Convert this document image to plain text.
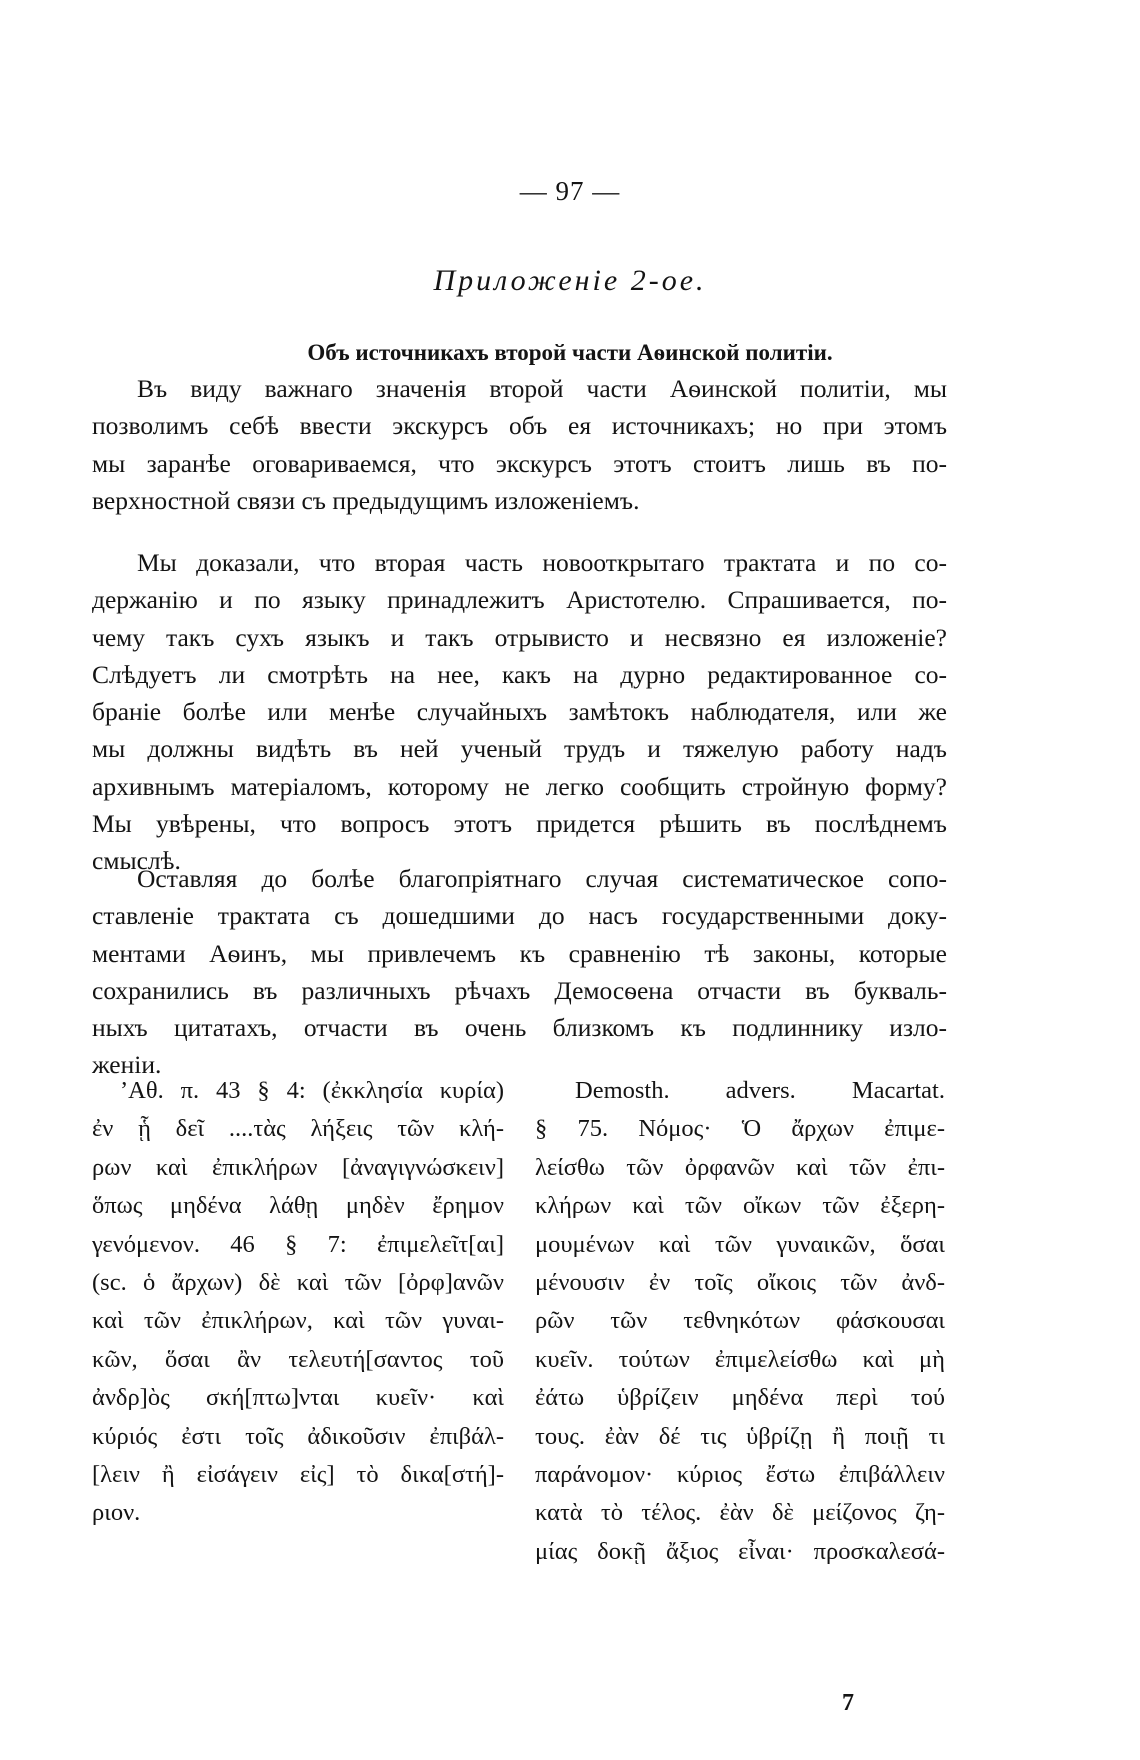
— 97 —
Приложенiе 2-ое.
Объ источникахъ второй части Аѳинской политiи.
Въ виду важнаго значенiя второй части Аѳинской политiи, мы
позволимъ себѣ ввести экскурсъ объ ея источникахъ; но при этомъ
мы заранѣе оговариваемся, что экскурсъ этотъ стоитъ лишь въ по-
верхностной связи съ предыдущимъ изложенiемъ.
Мы доказали, что вторая часть новооткрытаго трактата и по со-
держанiю и по языку принадлежитъ Аристотелю. Спрашивается, по-
чему такъ сухъ языкъ и такъ отрывисто и несвязно ея изложенiе?
Слѣдуетъ ли смотрѣть на нее, какъ на дурно редактированное со-
бранiе болѣе или менѣе случайныхъ замѣтокъ наблюдателя, или же
мы должны видѣть въ ней ученый трудъ и тяжелую работу надъ
архивнымъ матерiаломъ, которому не легко сообщить стройную форму?
Мы увѣрены, что вопросъ этотъ придется рѣшить въ послѣднемъ
смыслѣ.
Оставляя до болѣе благопрiятнаго случая систематическое сопо-
ставленiе трактата съ дошедшими до насъ государственными доку-
ментами Аѳинъ, мы привлечемъ къ сравненiю тѣ законы, которые
сохранились въ различныхъ рѣчахъ Демосѳена отчасти въ букваль-
ныхъ цитатахъ, отчасти въ очень близкомъ къ подлиннику изло-
женiи.
’Αθ. π. 43 § 4: (ἐκκλησία κυρία)
ἐν ᾗ δεῖ ....τὰς λήξεις τῶν κλή-
ρων καὶ ἐπικλήρων [ἀναγιγνώσκειν]
ὅπως μηδένα λάθῃ μηδὲν ἔρημον
γενόμενον. 46 § 7: ἐπιμελεῖτ[αι]
(sc. ὁ ἄρχων) δὲ καὶ τῶν [ὀρφ]ανῶν
καὶ τῶν ἐπικλήρων, καὶ τῶν γυναι-
κῶν, ὅσαι ἂν τελευτή[σαντος τοῦ
ἀνδρ]ὸς σκή[πτω]νται κυεῖν· καὶ
κύριός ἐστι τοῖς ἀδικοῦσιν ἐπιβάλ-
[λειν ἢ εἰσάγειν εἰς] τὸ δικα[στή]-
ριον.
Demosth. advers. Macartat.
§ 75. Νόμος· Ὁ ἄρχων ἐπιμε-
λείσθω τῶν ὀρφανῶν καὶ τῶν ἐπι-
κλήρων καὶ τῶν οἴκων τῶν ἐξερη-
μουμένων καὶ τῶν γυναικῶν, ὅσαι
μένουσιν ἐν τοῖς οἴκοις τῶν ἀνδ-
ρῶν τῶν τεθνηκότων φάσκουσαι
κυεῖν. τούτων ἐπιμελείσθω καὶ μὴ
ἐάτω ὑβρίζειν μηδένα περὶ τού
τους. ἐὰν δέ τις ὑβρίζῃ ἢ ποιῇ τι
παράνομον· κύριος ἔστω ἐπιβάλλειν
κατὰ τὸ τέλος. ἐὰν δὲ μείζονος ζη-
μίας δοκῇ ἄξιος εἶναι· προσκαλεσά-
7
